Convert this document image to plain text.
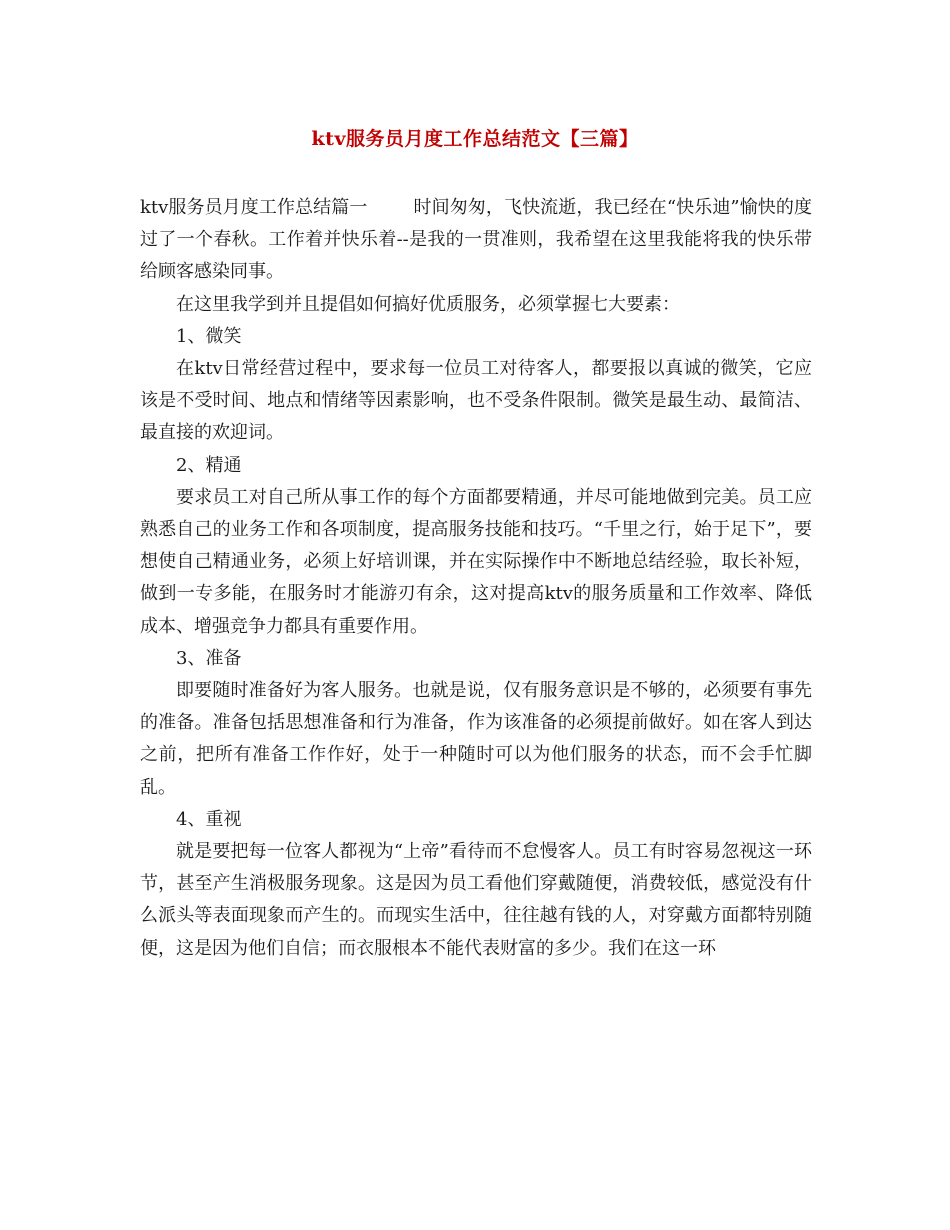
ktv服务员月度工作总结范文【三篇】

ktv服务员月度工作总结篇一	时间匆匆，飞快流逝，我已经在“快乐迪”愉快的度过了一个春秋。工作着并快乐着--是我的一贯准则，我希望在这里我能将我的快乐带给顾客感染同事。

在这里我学到并且提倡如何搞好优质服务，必须掌握七大要素：

1、微笑

在ktv日常经营过程中，要求每一位员工对待客人，都要报以真诚的微笑，它应该是不受时间、地点和情绪等因素影响，也不受条件限制。微笑是最生动、最简洁、最直接的欢迎词。

2、精通

要求员工对自己所从事工作的每个方面都要精通，并尽可能地做到完美。员工应熟悉自己的业务工作和各项制度，提高服务技能和技巧。“千里之行，始于足下”，要想使自己精通业务，必须上好培训课，并在实际操作中不断地总结经验，取长补短，做到一专多能，在服务时才能游刃有余，这对提高ktv的服务质量和工作效率、降低成本、增强竞争力都具有重要作用。

3、准备

即要随时准备好为客人服务。也就是说，仅有服务意识是不够的，必须要有事先的准备。准备包括思想准备和行为准备，作为该准备的必须提前做好。如在客人到达之前，把所有准备工作作好，处于一种随时可以为他们服务的状态，而不会手忙脚乱。

4、重视

就是要把每一位客人都视为“上帝”看待而不怠慢客人。员工有时容易忽视这一环节，甚至产生消极服务现象。这是因为员工看他们穿戴随便，消费较低，感觉没有什么派头等表面现象而产生的。而现实生活中，往往越有钱的人，对穿戴方面都特别随便，这是因为他们自信；而衣服根本不能代表财富的多少。我们在这一环
